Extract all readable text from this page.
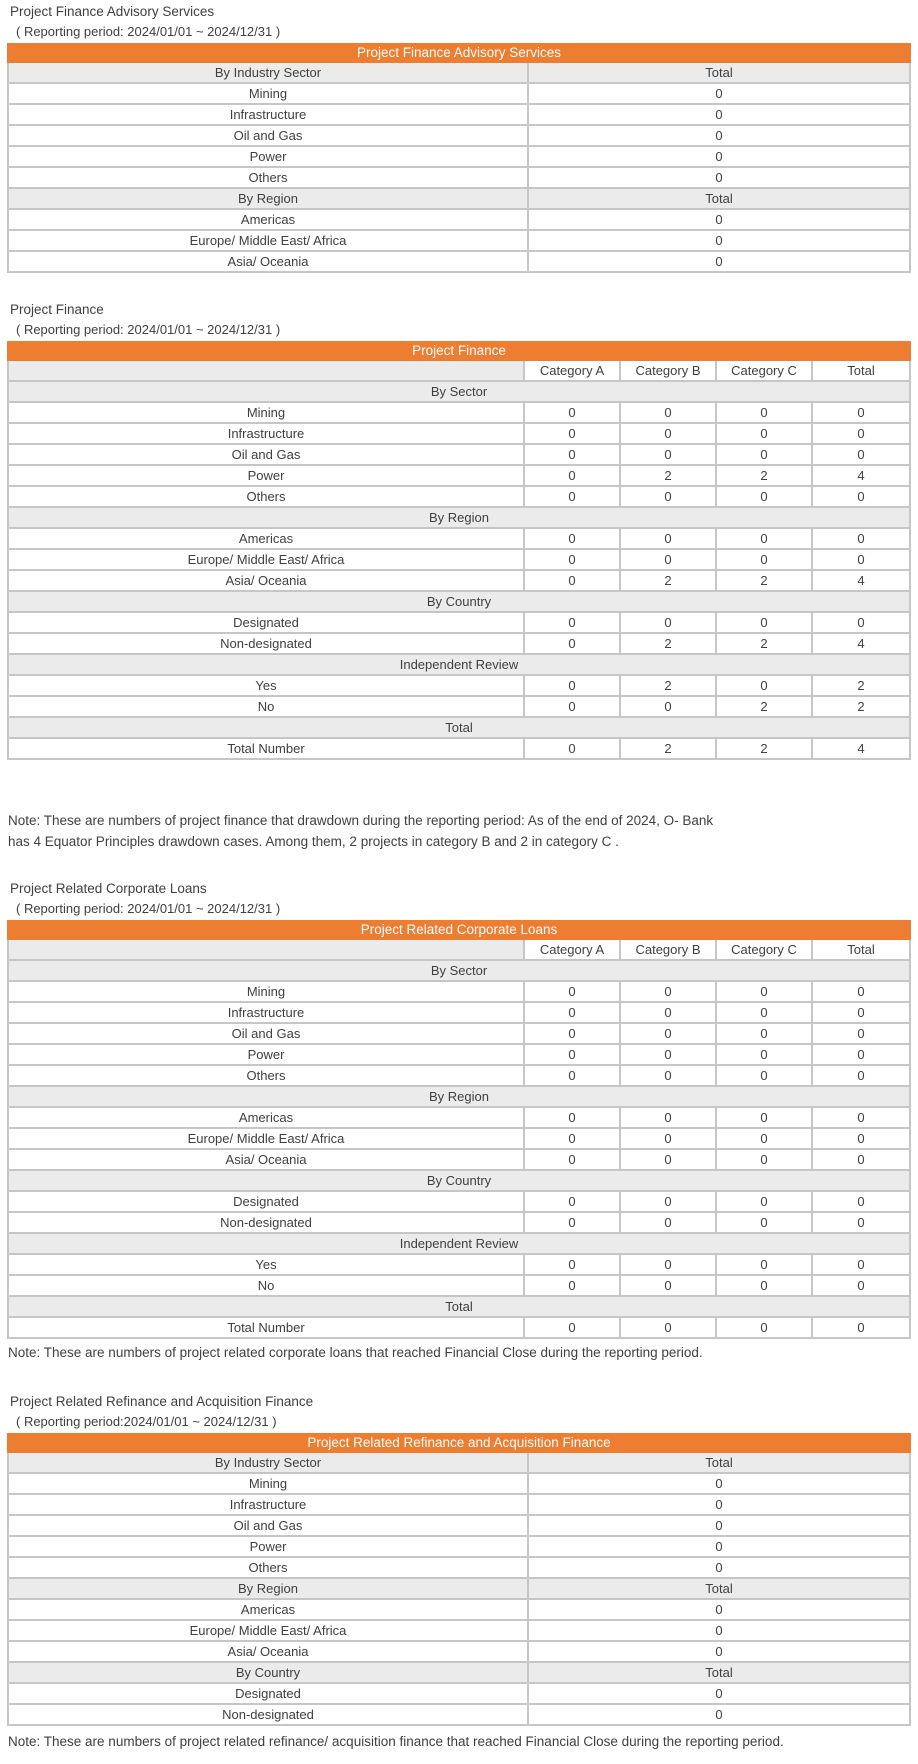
Project Finance Advisory Services
( Reporting period: 2024/01/01 ~ 2024/12/31 )
Project Finance Advisory Services
By Industry Sector	Total
Mining	0
Infrastructure	0
Oil and Gas	0
Power	0
Others	0
By Region	Total
Americas	0
Europe/ Middle East/ Africa	0
Asia/ Oceania	0
Project Finance
( Reporting period: 2024/01/01 ~ 2024/12/31 )
Project Finance
Category A	Category B	Category C	Total
By Sector
Mining	0	0	0	0
Infrastructure	0	0	0	0
Oil and Gas	0	0	0	0
Power	0	2	2	4
Others	0	0	0	0
By Region
Americas	0	0	0	0
Europe/ Middle East/ Africa	0	0	0	0
Asia/ Oceania	0	2	2	4
By Country
Designated	0	0	0	0
Non-designated	0	2	2	4
Independent Review
Yes	0	2	0	2
No	0	0	2	2
Total
Total Number	0	2	2	4
Note: These are numbers of project finance that drawdown during the reporting period: As of the end of 2024, O- Bank
has 4 Equator Principles drawdown cases. Among them, 2 projects in category B and 2 in category C .
Project Related Corporate Loans
( Reporting period: 2024/01/01 ~ 2024/12/31 )
Project Related Corporate Loans
Category A	Category B	Category C	Total
By Sector
Mining	0	0	0	0
Infrastructure	0	0	0	0
Oil and Gas	0	0	0	0
Power	0	0	0	0
Others	0	0	0	0
By Region
Americas	0	0	0	0
Europe/ Middle East/ Africa	0	0	0	0
Asia/ Oceania	0	0	0	0
By Country
Designated	0	0	0	0
Non-designated	0	0	0	0
Independent Review
Yes	0	0	0	0
No	0	0	0	0
Total
Total Number	0	0	0	0
Note: These are numbers of project related corporate loans that reached Financial Close during the reporting period.
Project Related Refinance and Acquisition Finance
( Reporting period:2024/01/01 ~ 2024/12/31 )
Project Related Refinance and Acquisition Finance
By Industry Sector	Total
Mining	0
Infrastructure	0
Oil and Gas	0
Power	0
Others	0
By Region	Total
Americas	0
Europe/ Middle East/ Africa	0
Asia/ Oceania	0
By Country	Total
Designated	0
Non-designated	0
Note: These are numbers of project related refinance/ acquisition finance that reached Financial Close during the reporting period.
